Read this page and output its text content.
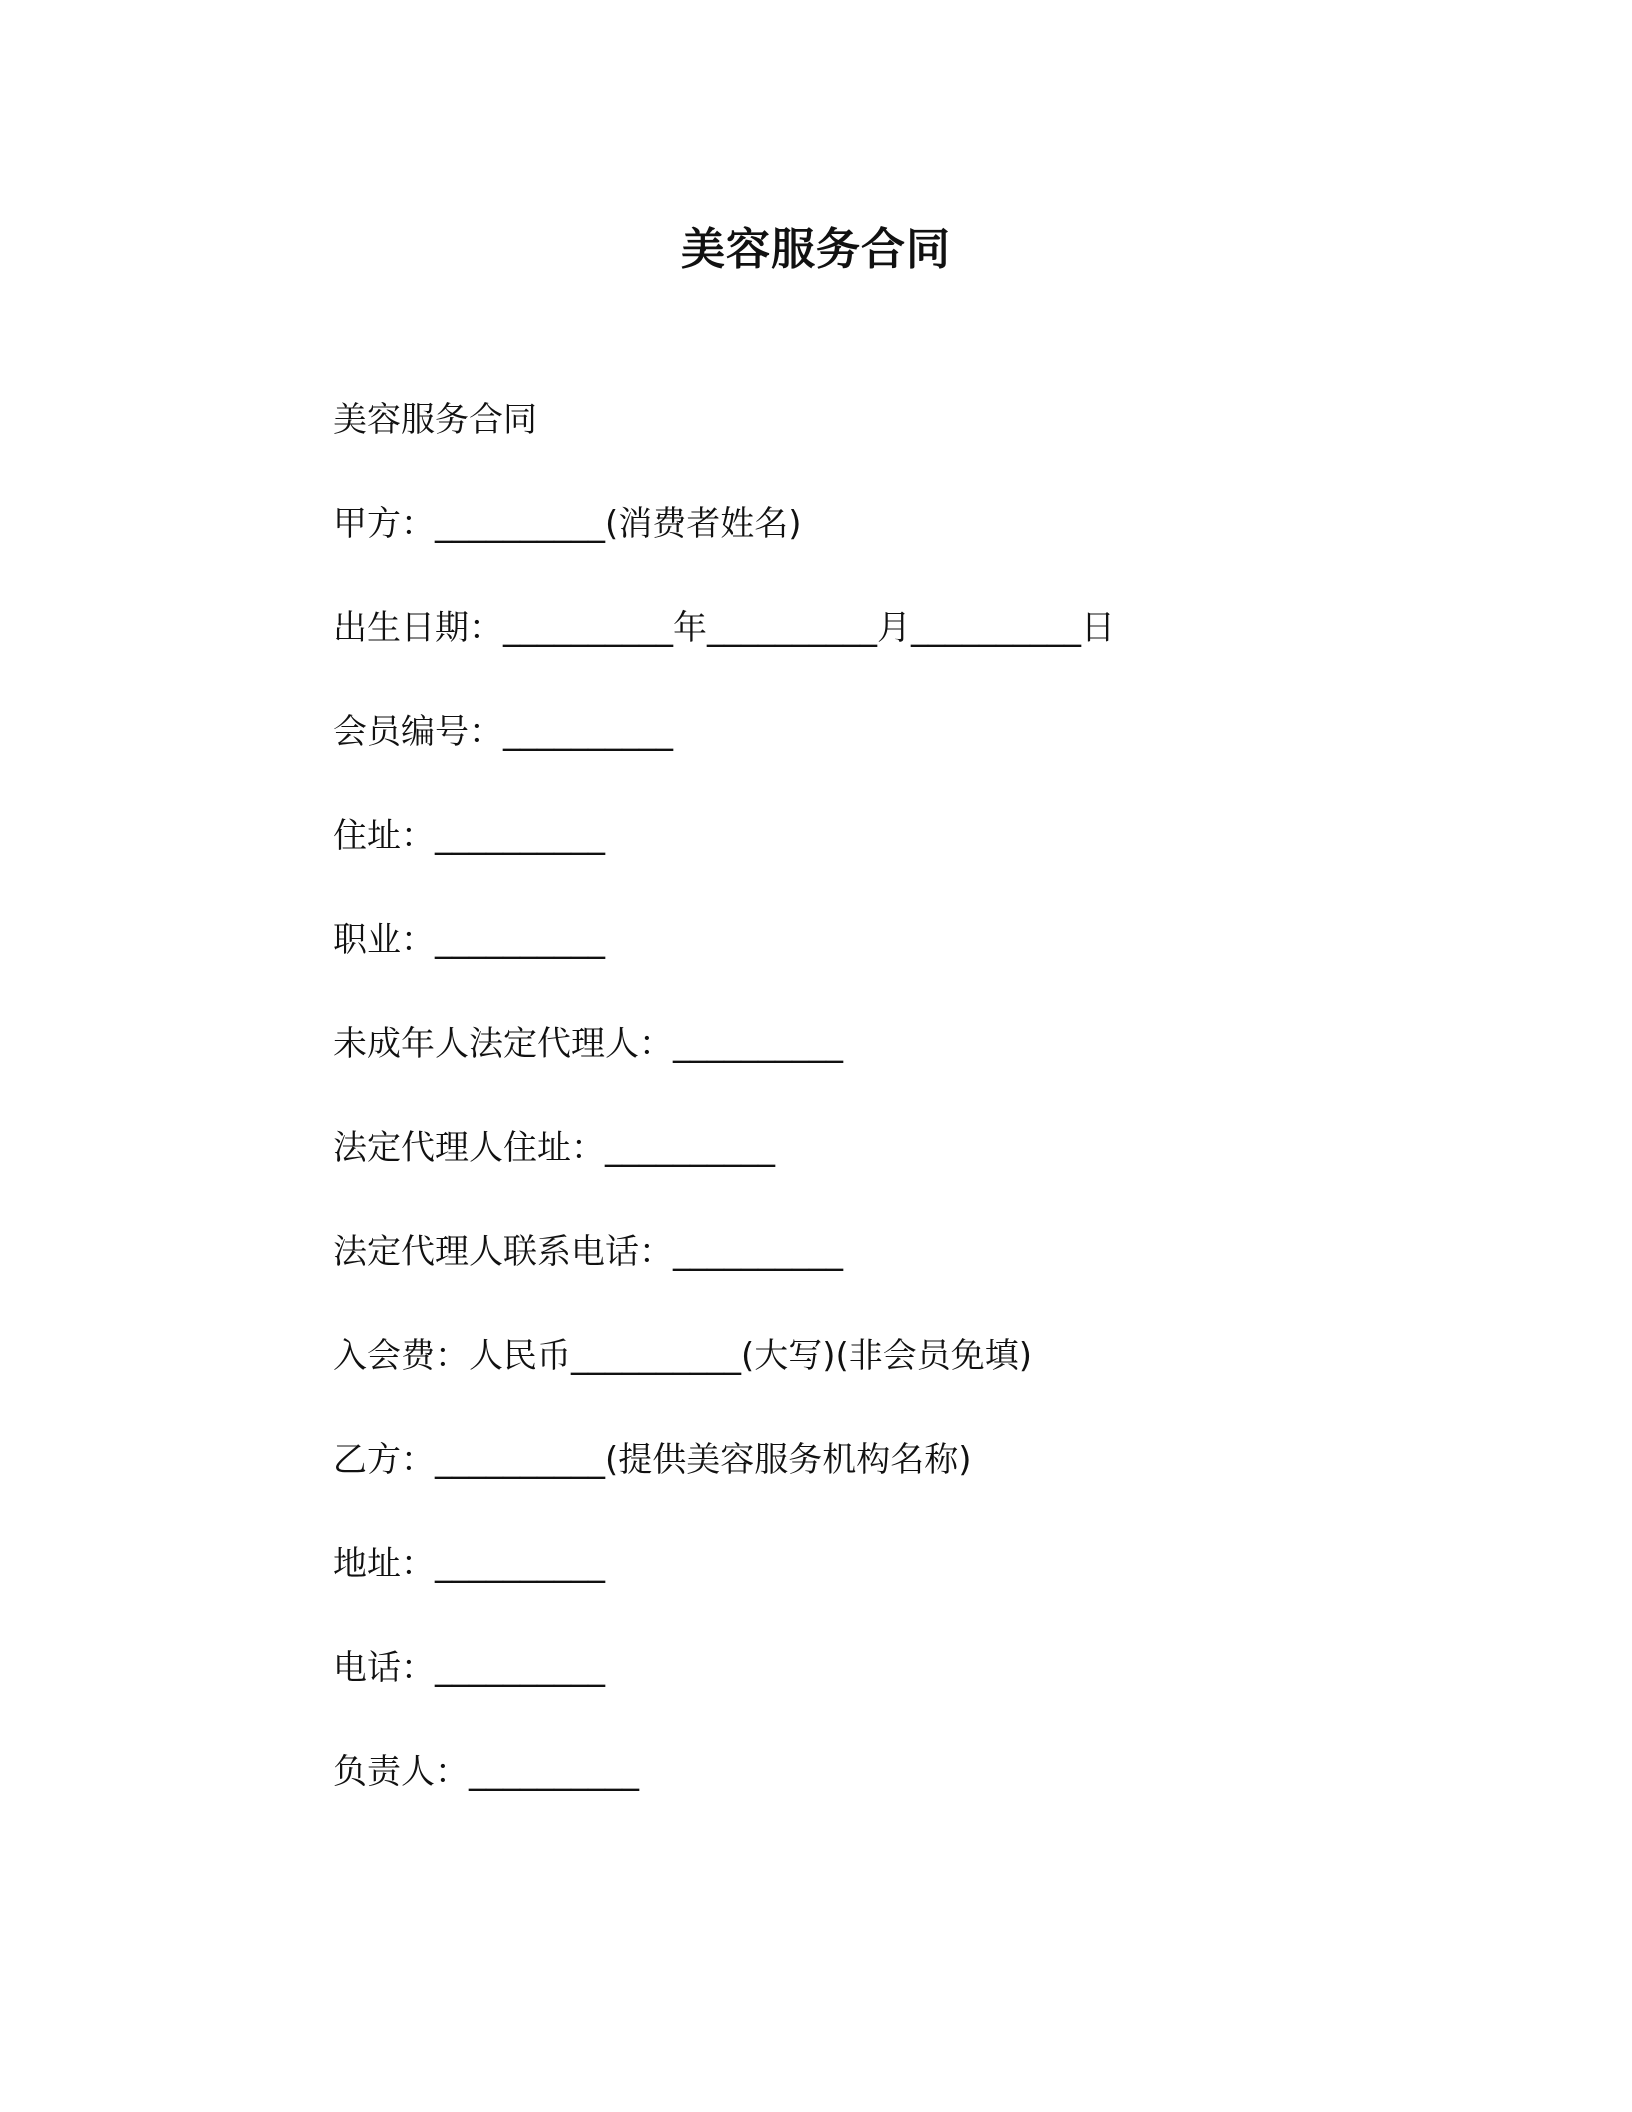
美容服务合同
美容服务合同
甲方：__________(消费者姓名)
出生日期：__________年__________月__________日
会员编号：__________
住址：__________
职业：__________
未成年人法定代理人：__________
法定代理人住址：__________
法定代理人联系电话：__________
入会费：人民币__________(大写)(非会员免填)
乙方：__________(提供美容服务机构名称)
地址：__________
电话：__________
负责人：__________
